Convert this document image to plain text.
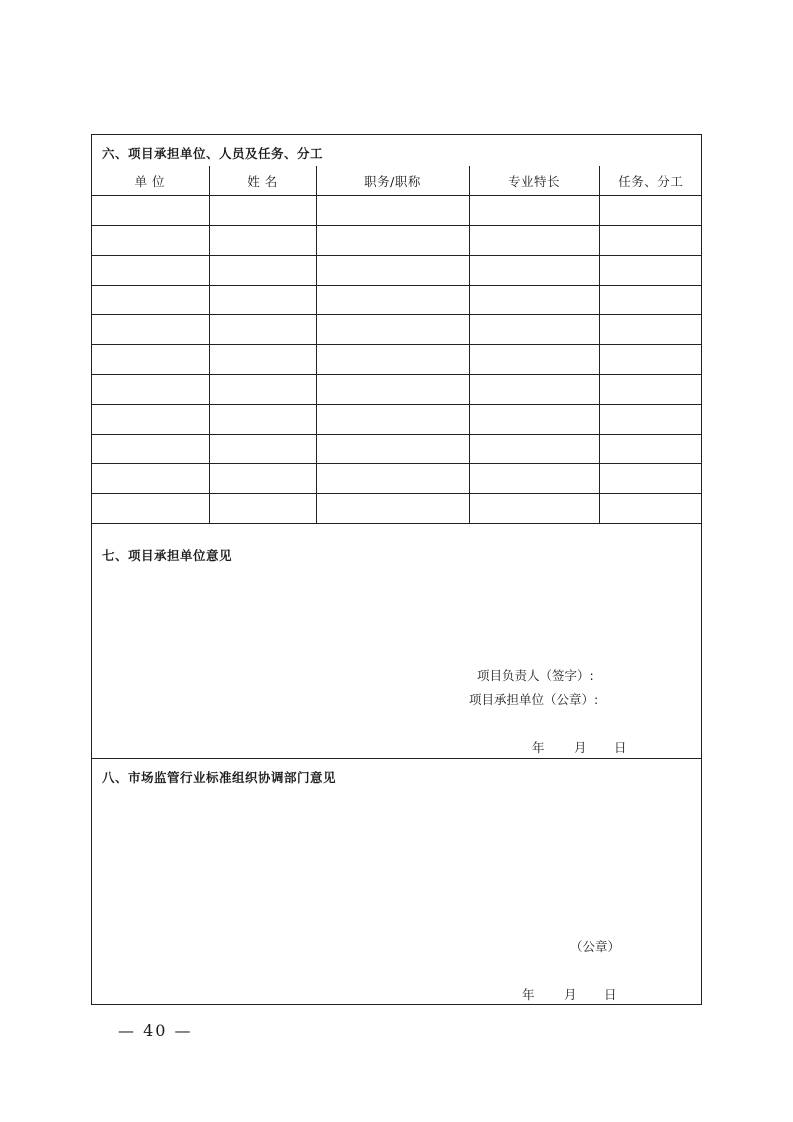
六、项目承担单位、人员及任务、分工
单 位	姓 名	职务/职称	专业特长	任务、分工

七、项目承担单位意见
项目负责人（签字）:
项目承担单位（公章）:
年 月 日
八、市场监管行业标准组织协调部门意见
（公章）
年 月 日
— 40 —
